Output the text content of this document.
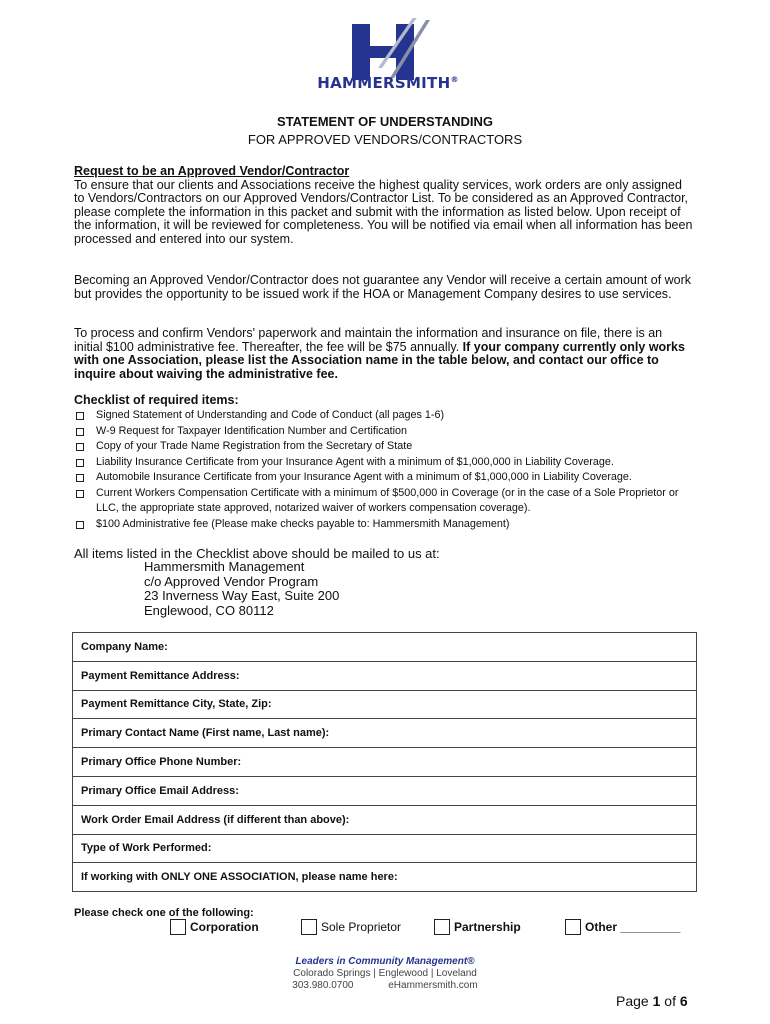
HAMMERSMITH®
STATEMENT OF UNDERSTANDING
FOR APPROVED VENDORS/CONTRACTORS

Request to be an Approved Vendor/Contractor
To ensure that our clients and Associations receive the highest quality services, work orders are only assigned to Vendors/Contractors on our Approved Vendors/Contractor List. To be considered as an Approved Contractor, please complete the information in this packet and submit with the information as listed below. Upon receipt of the information, it will be reviewed for completeness. You will be notified via email when all information has been processed and entered into our system.

Becoming an Approved Vendor/Contractor does not guarantee any Vendor will receive a certain amount of work but provides the opportunity to be issued work if the HOA or Management Company desires to use services.

To process and confirm Vendors' paperwork and maintain the information and insurance on file, there is an initial $100 administrative fee. Thereafter, the fee will be $75 annually. If your company currently only works with one Association, please list the Association name in the table below, and contact our office to inquire about waiving the administrative fee.

Checklist of required items:
Signed Statement of Understanding and Code of Conduct (all pages 1-6)
W-9 Request for Taxpayer Identification Number and Certification
Copy of your Trade Name Registration from the Secretary of State
Liability Insurance Certificate from your Insurance Agent with a minimum of $1,000,000 in Liability Coverage.
Automobile Insurance Certificate from your Insurance Agent with a minimum of $1,000,000 in Liability Coverage.
Current Workers Compensation Certificate with a minimum of $500,000 in Coverage (or in the case of a Sole Proprietor or LLC, the appropriate state approved, notarized waiver of workers compensation coverage).
$100 Administrative fee (Please make checks payable to: Hammersmith Management)
All items listed in the Checklist above should be mailed to us at:
Hammersmith Management
c/o Approved Vendor Program
23 Inverness Way East, Suite 200
Englewood, CO 80112
Company Name:
Payment Remittance Address:
Payment Remittance City, State, Zip:
Primary Contact Name (First name, Last name):
Primary Office Phone Number:
Primary Office Email Address:
Work Order Email Address (if different than above):
Type of Work Performed:
If working with ONLY ONE ASSOCIATION, please name here:
Please check one of the following:
Corporation	Sole Proprietor	Partnership	Other _________
Leaders in Community Management®
Colorado Springs | Englewood | Loveland
303.980.0700	eHammersmith.com
Page 1 of 6
